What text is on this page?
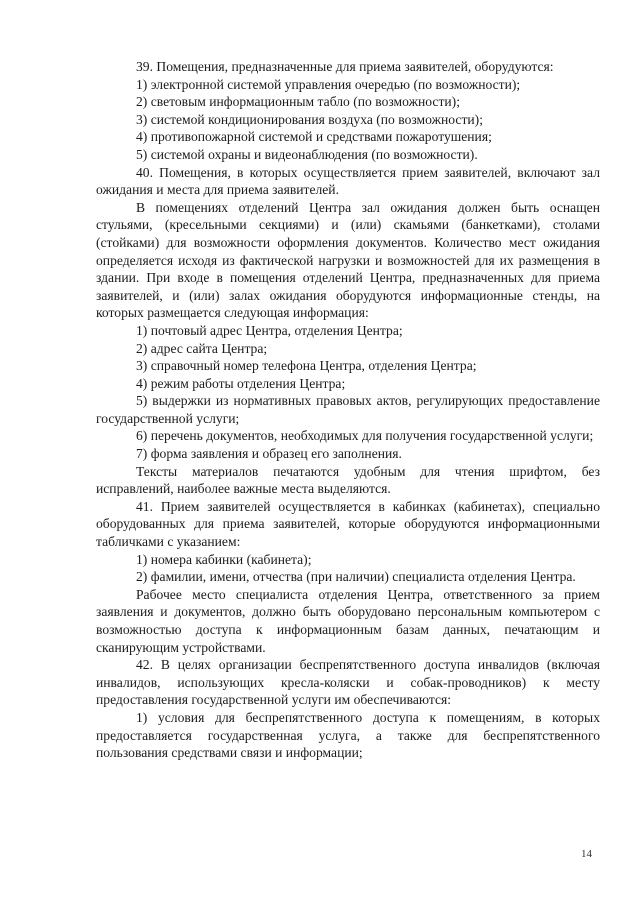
39. Помещения, предназначенные для приема заявителей, оборудуются:
1) электронной системой управления очередью (по возможности);
2) световым информационным табло (по возможности);
3) системой кондиционирования воздуха (по возможности);
4) противопожарной системой и средствами пожаротушения;
5) системой охраны и видеонаблюдения (по возможности).
40. Помещения, в которых осуществляется прием заявителей, включают зал ожидания и места для приема заявителей.
В помещениях отделений Центра зал ожидания должен быть оснащен стульями, (кресельными секциями) и (или) скамьями (банкетками), столами (стойками) для возможности оформления документов. Количество мест ожидания определяется исходя из фактической нагрузки и возможностей для их размещения в здании. При входе в помещения отделений Центра, предназначенных для приема заявителей, и (или) залах ожидания оборудуются информационные стенды, на которых размещается следующая информация:
1) почтовый адрес Центра, отделения Центра;
2) адрес сайта Центра;
3) справочный номер телефона Центра, отделения Центра;
4) режим работы отделения Центра;
5) выдержки из нормативных правовых актов, регулирующих предоставление государственной услуги;
6) перечень документов, необходимых для получения государственной услуги;
7) форма заявления и образец его заполнения.
Тексты материалов печатаются удобным для чтения шрифтом, без исправлений, наиболее важные места выделяются.
41. Прием заявителей осуществляется в кабинках (кабинетах), специально оборудованных для приема заявителей, которые оборудуются информационными табличками с указанием:
1) номера кабинки (кабинета);
2) фамилии, имени, отчества (при наличии) специалиста отделения Центра.
Рабочее место специалиста отделения Центра, ответственного за прием заявления и документов, должно быть оборудовано персональным компьютером с возможностью доступа к информационным базам данных, печатающим и сканирующим устройствами.
42. В целях организации беспрепятственного доступа инвалидов (включая инвалидов, использующих кресла-коляски и собак-проводников) к месту предоставления государственной услуги им обеспечиваются:
1) условия для беспрепятственного доступа к помещениям, в которых предоставляется государственная услуга, а также для беспрепятственного пользования средствами связи и информации;
14
